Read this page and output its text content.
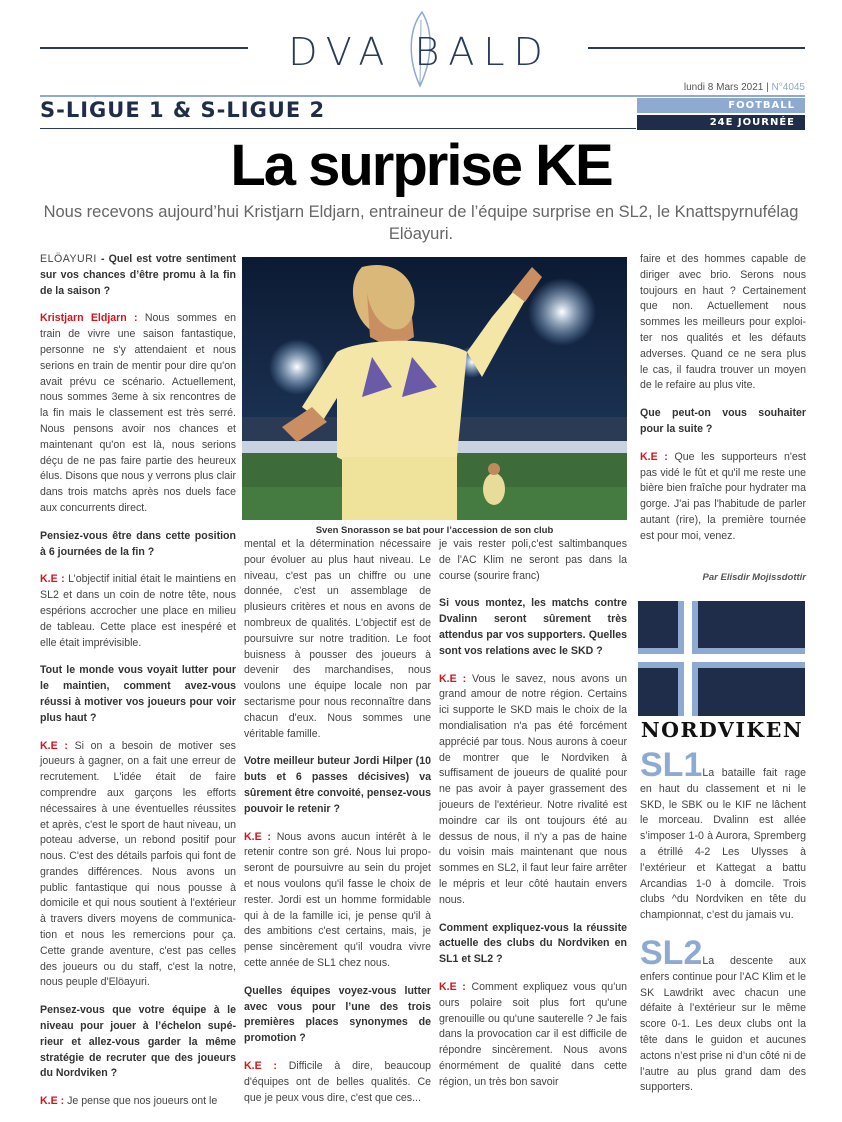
DVA BALD
lundi 8 Mars 2021 | N°4045
S-LIGUE 1 & S-LIGUE 2	FOOTBALL
24E JOURNÉE
La surprise KE
Nous recevons aujourd’hui Kristjarn Eldjarn, entraineur de l’équipe surprise en SL2, le Knattspyrnufélag Elöayuri.

ELÖAYURI - Quel est votre sentiment sur vos chances d’être promu à la fin de la saison ?

Kristjarn Eldjarn : Nous sommes en train de vivre une saison fantastique, personne ne s'y attendaient et nous serions en train de mentir pour dire qu'on avait prévu ce scénario. Actuellement, nous sommes 3eme à six rencontres de la fin mais le classement est très serré. Nous pensons avoir nos chances et maintenant qu'on est là, nous serions déçu de ne pas faire partie des heureux élus. Disons que nous y verrons plus clair dans trois matchs après nos duels face aux concurrents direct.

Pensiez-vous être dans cette position à 6 journées de la fin ?

K.E : L’objectif initial était le maintiens en SL2 et dans un coin de notre tête, nous espérions accrocher une place en milieu de tableau. Cette place est inespéré et elle était imprévisible.

Tout le monde vous voyait lutter pour le maintien, comment avez-vous réussi à motiver vos joueurs pour voir plus haut ?

K.E : Si on a besoin de motiver ses joueurs à gagner, on a fait une erreur de recrutement. L'idée était de faire comprendre aux garçons les efforts nécessaires à une éventuelles réussites et après, c'est le sport de haut niveau, un poteau adverse, un rebond positif pour nous. C'est des détails parfois qui font de grandes différences. Nous avons un public fantastique qui nous pousse à domicile et qui nous soutient à l'extérieur à travers divers moyens de communication et nous les remercions pour ça. Cette grande aventure, c'est pas celles des joueurs ou du staff, c'est la notre, nous peuple d'Elöayuri.

Pensez-vous que votre équipe à le niveau pour jouer à l’échelon supérieur et allez-vous garder la même stratégie de recruter que des joueurs du Nordviken ?

K.E : Je pense que nos joueurs ont le

Sven Snorasson se bat pour l’accession de son club

mental et la détermination nécessaire pour évoluer au plus haut niveau. Le niveau, c'est pas un chiffre ou une donnée, c'est un assemblage de plusieurs critères et nous en avons de nombreux de qualités. L'objectif est de poursuivre sur notre tradition. Le foot buisness à pousser des joueurs à devenir des marchandises, nous voulons une équipe locale non par sectarisme pour nous reconnaître dans chacun d'eux. Nous sommes une véritable famille.

Votre meilleur buteur Jordi Hilper (10 buts et 6 passes décisives) va sûrement être convoité, pensez-vous pouvoir le retenir ?

K.E : Nous avons aucun intérêt à le retenir contre son gré. Nous lui proposeront de poursuivre au sein du projet et nous voulons qu'il fasse le choix de rester. Jordi est un homme formidable qui à de la famille ici, je pense qu'il à des ambitions c'est certains, mais, je pense sincèrement qu'il voudra vivre cette année de SL1 chez nous.

Quelles équipes voyez-vous lutter avec vous pour l’une des trois premières places synonymes de promotion ?

K.E : Difficile à dire, beaucoup d'équipes ont de belles qualités. Ce que je peux vous dire, c'est que ces...

je vais rester poli,c'est saltimbanques de l'AC Klim ne seront pas dans la course (sourire franc)

Si vous montez, les matchs contre Dvalinn seront sûrement très attendus par vos supporters. Quelles sont vos relations avec le SKD ?

K.E : Vous le savez, nous avons un grand amour de notre région. Certains ici supporte le SKD mais le choix de la mondialisation n'a pas été forcément apprécié par tous. Nous aurons à coeur de montrer que le Nordviken à suffisament de joueurs de qualité pour ne pas avoir à payer grassement des joueurs de l'extérieur. Notre rivalité est moindre car ils ont toujours été au dessus de nous, il n'y a pas de haine du voisin mais maintenant que nous sommes en SL2, il faut leur faire arrêter le mépris et leur côté hautain envers nous.

Comment expliquez-vous la réussite actuelle des clubs du Nordviken en SL1 et SL2 ?

K.E : Comment expliquez vous qu'un ours polaire soit plus fort qu'une grenouille ou qu'une sauterelle ? Je fais dans la provocation car il est difficile de répondre sincèrement. Nous avons énormément de qualité dans cette région, un très bon savoir

faire et des hommes capable de diriger avec brio. Serons nous toujours en haut ? Certainement que non. Actuellement nous sommes les meilleurs pour exploiter nos qualités et les défauts adverses. Quand ce ne sera plus le cas, il faudra trouver un moyen de le refaire au plus vite.

Que peut-on vous souhaiter pour la suite ?

K.E : Que les supporteurs n'est pas vidé le fût et qu'il me reste une bière bien fraîche pour hydrater ma gorge. J'ai pas l'habitude de parler autant (rire), la première tournée est pour moi, venez.

Par Elisdir Mojissdottir
NORDVIKEN
SL1La bataille fait rage en haut du classement et ni le SKD, le SBK ou le KIF ne lâchent le morceau. Dvalinn est allée s’imposer 1-0 à Aurora, Spremberg a étrillé 4-2 Les Ulysses à l’extérieur et Kattegat a battu Arcandias 1-0 à domcile. Trois clubs ^du Nordviken en tête du championnat, c’est du jamais vu.
SL2La descente aux enfers continue pour l’AC Klim et le SK Lawdrikt avec chacun une défaite à l’extérieur sur le même score 0-1. Les deux clubs ont la tête dans le guidon et aucunes actons n’est prise ni d’un côté ni de l’autre au plus grand dam des supporters.
